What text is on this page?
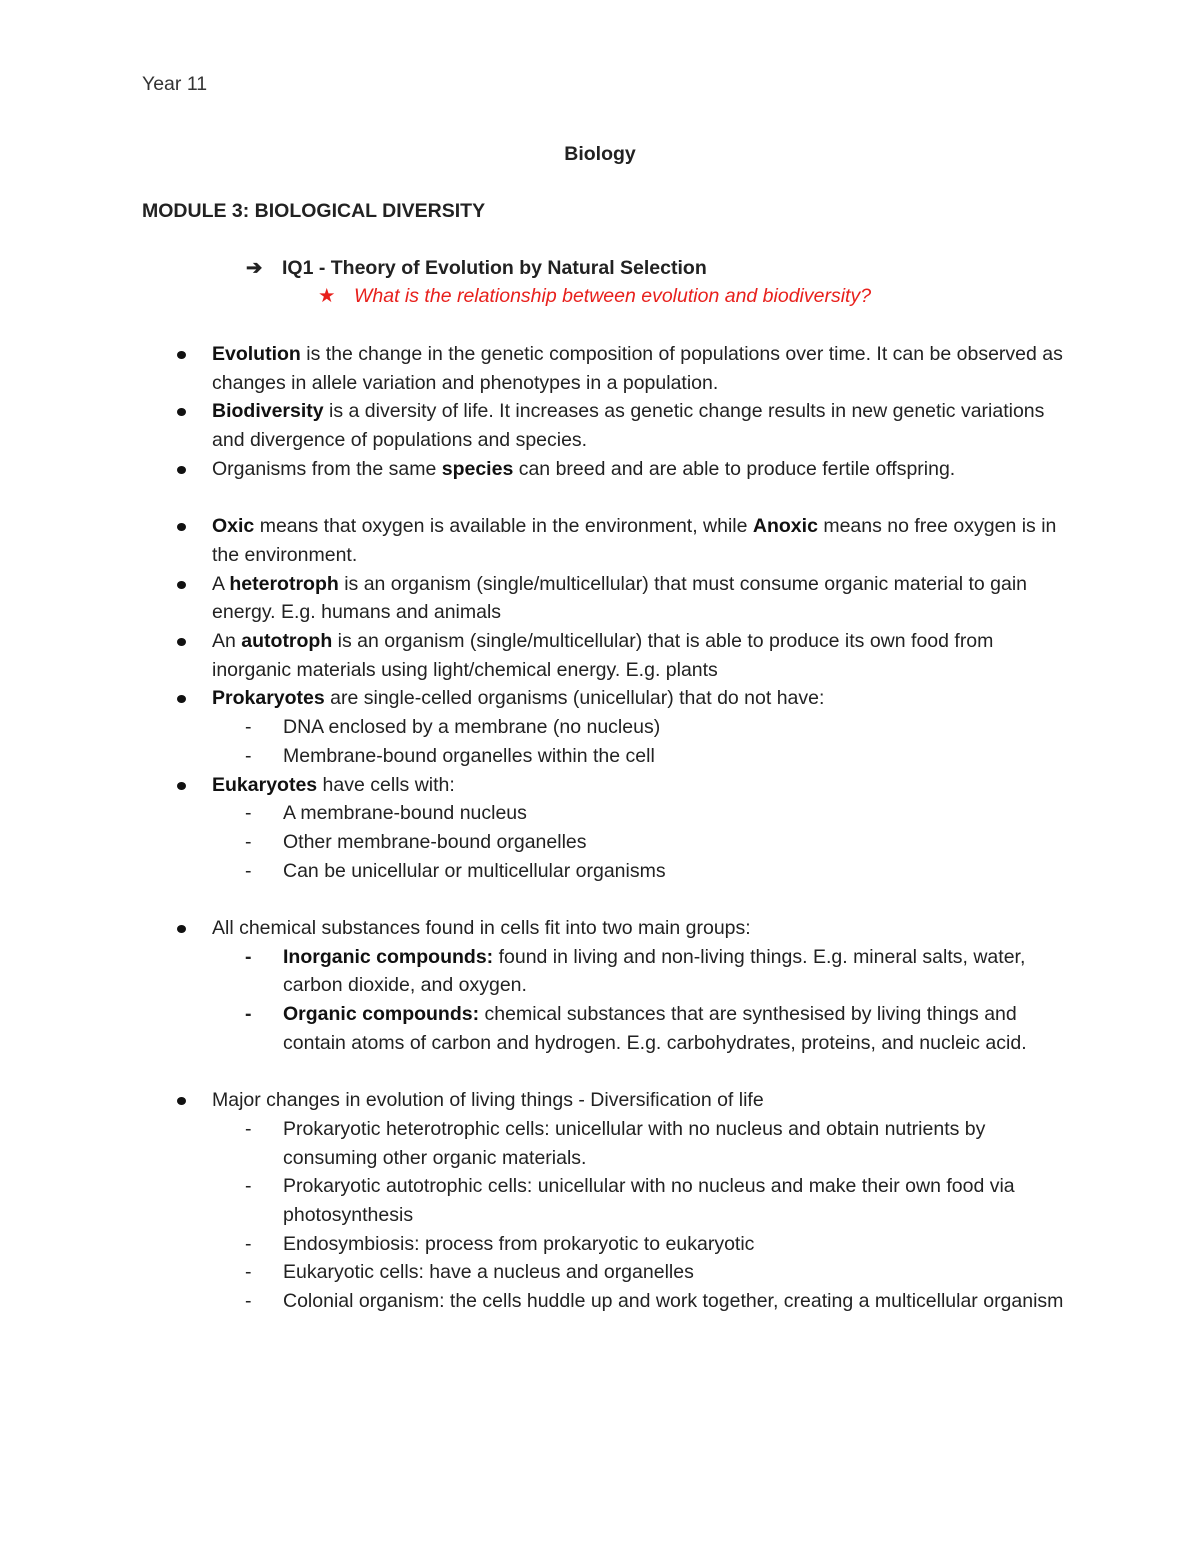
Year 11
Biology
MODULE 3: BIOLOGICAL DIVERSITY
➔ IQ1 - Theory of Evolution by Natural Selection
★ What is the relationship between evolution and biodiversity?
Evolution is the change in the genetic composition of populations over time. It can be observed as changes in allele variation and phenotypes in a population.
Biodiversity is a diversity of life. It increases as genetic change results in new genetic variations and divergence of populations and species.
Organisms from the same species can breed and are able to produce fertile offspring.
Oxic means that oxygen is available in the environment, while Anoxic means no free oxygen is in the environment.
A heterotroph is an organism (single/multicellular) that must consume organic material to gain energy. E.g. humans and animals
An autotroph is an organism (single/multicellular) that is able to produce its own food from inorganic materials using light/chemical energy. E.g. plants
Prokaryotes are single-celled organisms (unicellular) that do not have:
- DNA enclosed by a membrane (no nucleus)
- Membrane-bound organelles within the cell
Eukaryotes have cells with:
- A membrane-bound nucleus
- Other membrane-bound organelles
- Can be unicellular or multicellular organisms
All chemical substances found in cells fit into two main groups:
- Inorganic compounds: found in living and non-living things. E.g. mineral salts, water, carbon dioxide, and oxygen.
- Organic compounds: chemical substances that are synthesised by living things and contain atoms of carbon and hydrogen. E.g. carbohydrates, proteins, and nucleic acid.
Major changes in evolution of living things - Diversification of life
- Prokaryotic heterotrophic cells: unicellular with no nucleus and obtain nutrients by consuming other organic materials.
- Prokaryotic autotrophic cells: unicellular with no nucleus and make their own food via photosynthesis
- Endosymbiosis: process from prokaryotic to eukaryotic
- Eukaryotic cells: have a nucleus and organelles
- Colonial organism: the cells huddle up and work together, creating a multicellular organism
